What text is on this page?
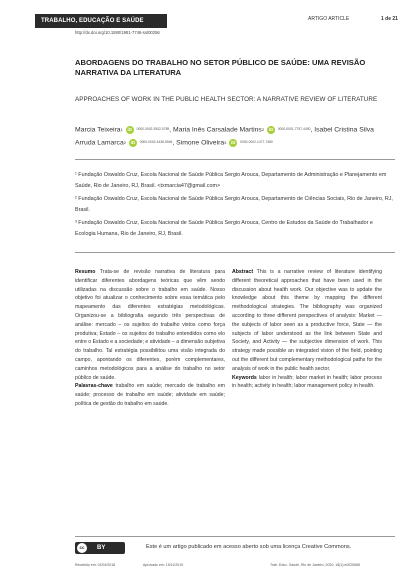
TRABALHO, EDUCAÇÃO E SAÚDE	ARTIGO ARTICLE	1 de 21
http://dx.doi.org/10.1590/1981-7746-sol00256
ABORDAGENS DO TRABALHO NO SETOR PÚBLICO DE SAÚDE: UMA REVISÃO NARRATIVA DA LITERATURA
APPROACHES OF WORK IN THE PUBLIC HEALTH SECTOR: A NARRATIVE REVIEW OF LITERATURE
Marcia Teixeira$^1$ iD 0000-0002-9302-0789, Maria Inês Carsalade Martins$^2$ iD 0000-0001-7757-4490, Isabel Cristina Silva Arruda Lamarca$^2$ iD 0000-0002-4436-5946, Simone Oliveira$^3$ iD 0000-0002-1477-7480
¹ Fundação Oswaldo Cruz, Escola Nacional de Saúde Pública Sergio Arouca, Departamento de Administração e Planejamento em Saúde, Rio de Janeiro, RJ, Brasil. <txmarcia47@gmail.com>
² Fundação Oswaldo Cruz, Escola Nacional de Saúde Pública Sergio Arouca, Departamento de Ciências Sociais, Rio de Janeiro, RJ, Brasil.
³ Fundação Oswaldo Cruz, Escola Nacional de Saúde Pública Sergio Arouca, Centro de Estudos da Saúde do Trabalhador e Ecologia Humana, Rio de Janeiro, RJ, Brasil.
Resumo Trata-se de revisão narrativa de literatura para identificar diferentes abordagens teóricas que vêm sendo utilizadas na discussão sobre o trabalho em saúde. Nosso objetivo foi atualizar o conhecimento sobre essa temática pelo mapeamento das diferentes estratégias metodológicas. Organizou-se a bibliografia segundo três perspectivas de análise: mercado – os sujeitos do trabalho vistos como força produtiva; Estado – os sujeitos do trabalho entendidos como elo entre o Estado e a sociedade; e atividade – a dimensão subjetiva do trabalho. Tal estratégia possibilitou uma visão integrada do campo, apontando os diferentes, porém complementares, caminhos metodológicos para a análise do trabalho no setor público de saúde.
Palavras-chave trabalho em saúde; mercado de trabalho em saúde; processo de trabalho em saúde; atividade em saúde; política de gestão do trabalho em saúde.
Abstract This is a narrative review of literature identifying different theoretical approaches that have been used in the discussion about health work. Our objective was to update the knowledge about this theme by mapping the different methodological strategies. The bibliography was organized according to three different perspectives of analysis: Market — the subjects of labor seen as a productive force, State — the subjects of labor understood as the link between State and Society, and Activity — the subjective dimension of work. This strategy made possible an integrated vision of the field, pointing out the different but complementary methodological paths for the analysis of work in the public health sector.
Keywords labor in health; labor market in health; labor process in health; activity in health; labor management policy in health.
cc	BY	Este é um artigo publicado em acesso aberto sob uma licença Creative Commons.
Recebido em: 01/04/2018	Aprovado em: 19/11/2019	Trab. Educ. Saúde, Rio de Janeiro, 2020; 18(1):e0025668
